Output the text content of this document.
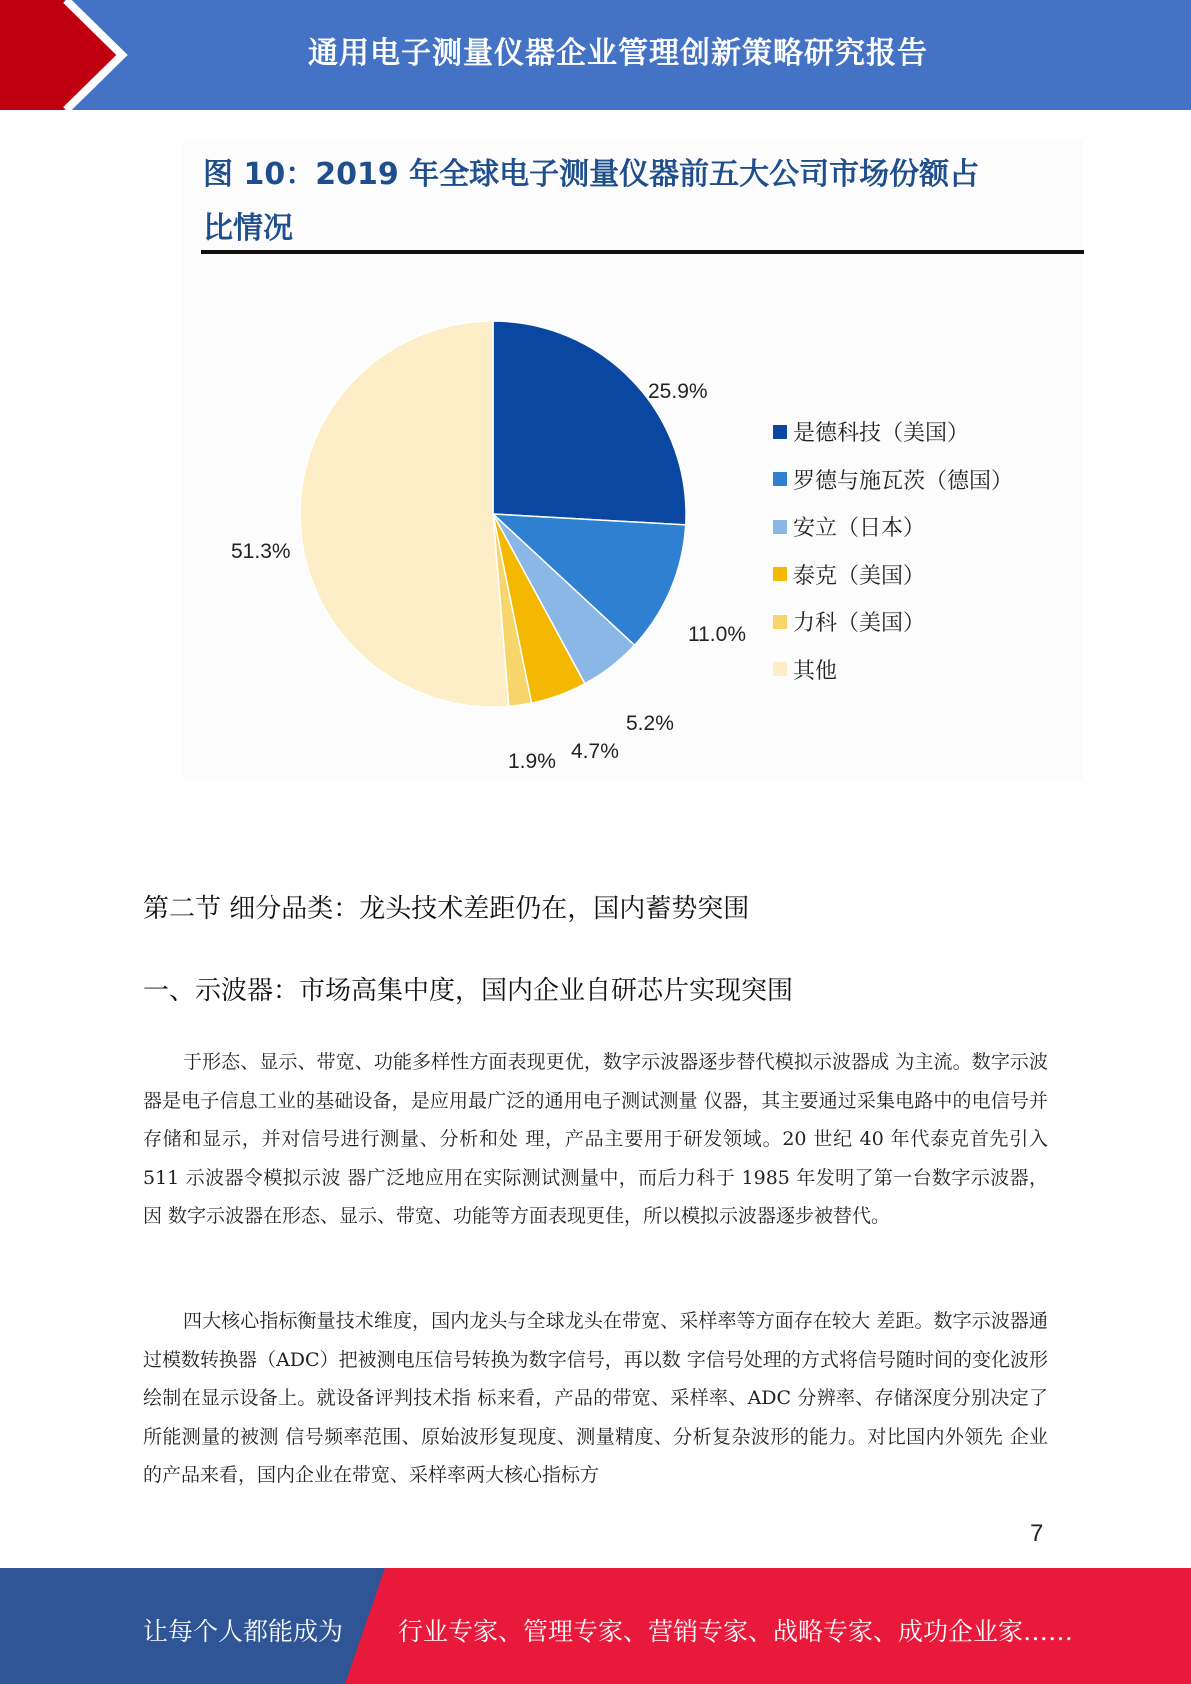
通用电子测量仪器企业管理创新策略研究报告
图 10：2019 年全球电子测量仪器前五大公司市场份额占
比情况
是德科技（美国）
罗德与施瓦茨（德国）
安立（日本）
泰克（美国）
力科（美国）
其他
25.9%
11.0%
5.2%
4.7%
1.9%
51.3%
第二节 细分品类：龙头技术差距仍在，国内蓄势突围
一、示波器：市场高集中度，国内企业自研芯片实现突围
于形态、显示、带宽、功能多样性方面表现更优，数字示波器逐步替代模拟示波器成 为主流。数字示波器是电子信息工业的基础设备，是应用最广泛的通用电子测试测量 仪器，其主要通过采集电路中的电信号并存储和显示，并对信号进行测量、分析和处 理，产品主要用于研发领域。20 世纪 40 年代泰克首先引入 511 示波器令模拟示波 器广泛地应用在实际测试测量中，而后力科于 1985 年发明了第一台数字示波器，因 数字示波器在形态、显示、带宽、功能等方面表现更佳，所以模拟示波器逐步被替代。
四大核心指标衡量技术维度，国内龙头与全球龙头在带宽、采样率等方面存在较大 差距。数字示波器通过模数转换器（ADC）把被测电压信号转换为数字信号，再以数 字信号处理的方式将信号随时间的变化波形绘制在显示设备上。就设备评判技术指 标来看，产品的带宽、采样率、ADC 分辨率、存储深度分别决定了所能测量的被测 信号频率范围、原始波形复现度、测量精度、分析复杂波形的能力。对比国内外领先 企业的产品来看，国内企业在带宽、采样率两大核心指标方
7
让每个人都能成为 行业专家、管理专家、营销专家、战略专家、成功企业家……
